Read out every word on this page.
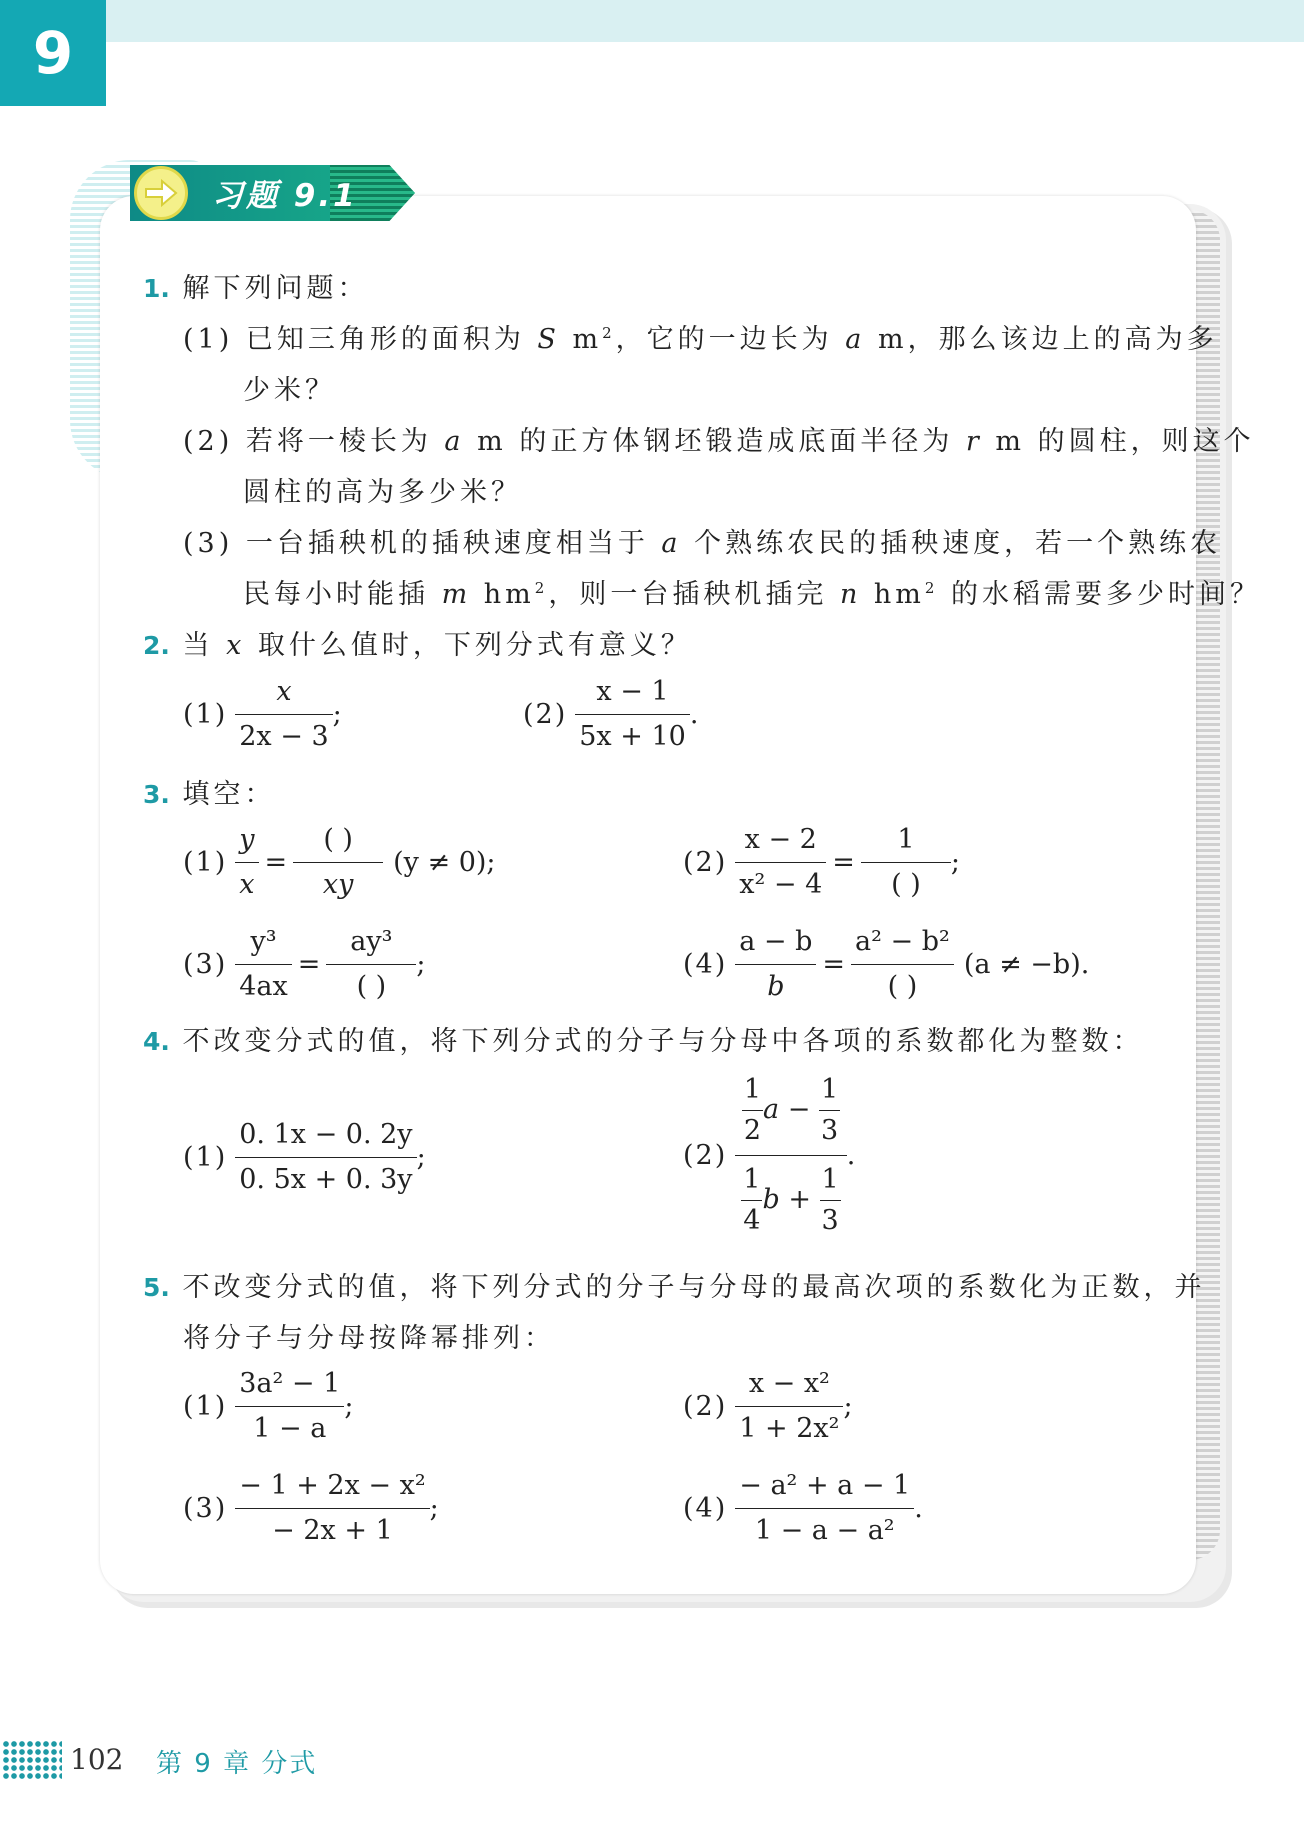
9
习题 9.1
1. 解下列问题：
(1) 已知三角形的面积为 S $m^2$，它的一边长为 a m，那么该边上的高为多
少米？
(2) 若将一棱长为 a m 的正方体钢坯锻造成底面半径为 r m 的圆柱，则这个
圆柱的高为多少米？
(3) 一台插秧机的插秧速度相当于 a 个熟练农民的插秧速度，若一个熟练农
民每小时能插 m $hm^2$，则一台插秧机插完 n $hm^2$ 的水稻需要多少时间？
2. 当 x 取什么值时，下列分式有意义？
$(1) \frac{x}{2x - 3}$ ;	$(2) \frac{x - 1}{5x + 10}$ .
3. 填空：
$(1) \frac{y}{x} = \frac{( )}{xy} (y \ne 0)$;	$(2) \frac{x - 2}{\text{x² − 4}} = \frac{1}{( )}$ ;
$(3) \frac{\text{y³}}{4ax} = \frac{\text{ay³}}{( )}$ ;	$(4) \frac{a - b}{b} = \frac{\text{a² − b²}}{( )} (a \ne -b)$.
4. 不改变分式的值，将下列分式的分子与分母中各项的系数都化为整数：
$(1) \frac{0. 1x - 0. 2y}{0. 5x + 0. 3y}$ ;	$(2) \frac{\frac{1}{2} a - \frac{1}{3}}{\frac{1}{4} b + \frac{1}{3}}$ .
5. 不改变分式的值，将下列分式的分子与分母的最高次项的系数化为正数，并
将分子与分母按降幂排列：
$(1) \frac{\text{3a² − 1}}{1 - a}$ ;	$(2) \frac{\text{x − x²}}{\text{1 + 2x²}}$ ;
$(3) \frac{\text{− 1 + 2x − x²}}{- 2x + 1}$ ;	$(4) \frac{\text{− a² + a − 1}}{\text{1 − a − a²}}$ .
102 第 9 章 分式
